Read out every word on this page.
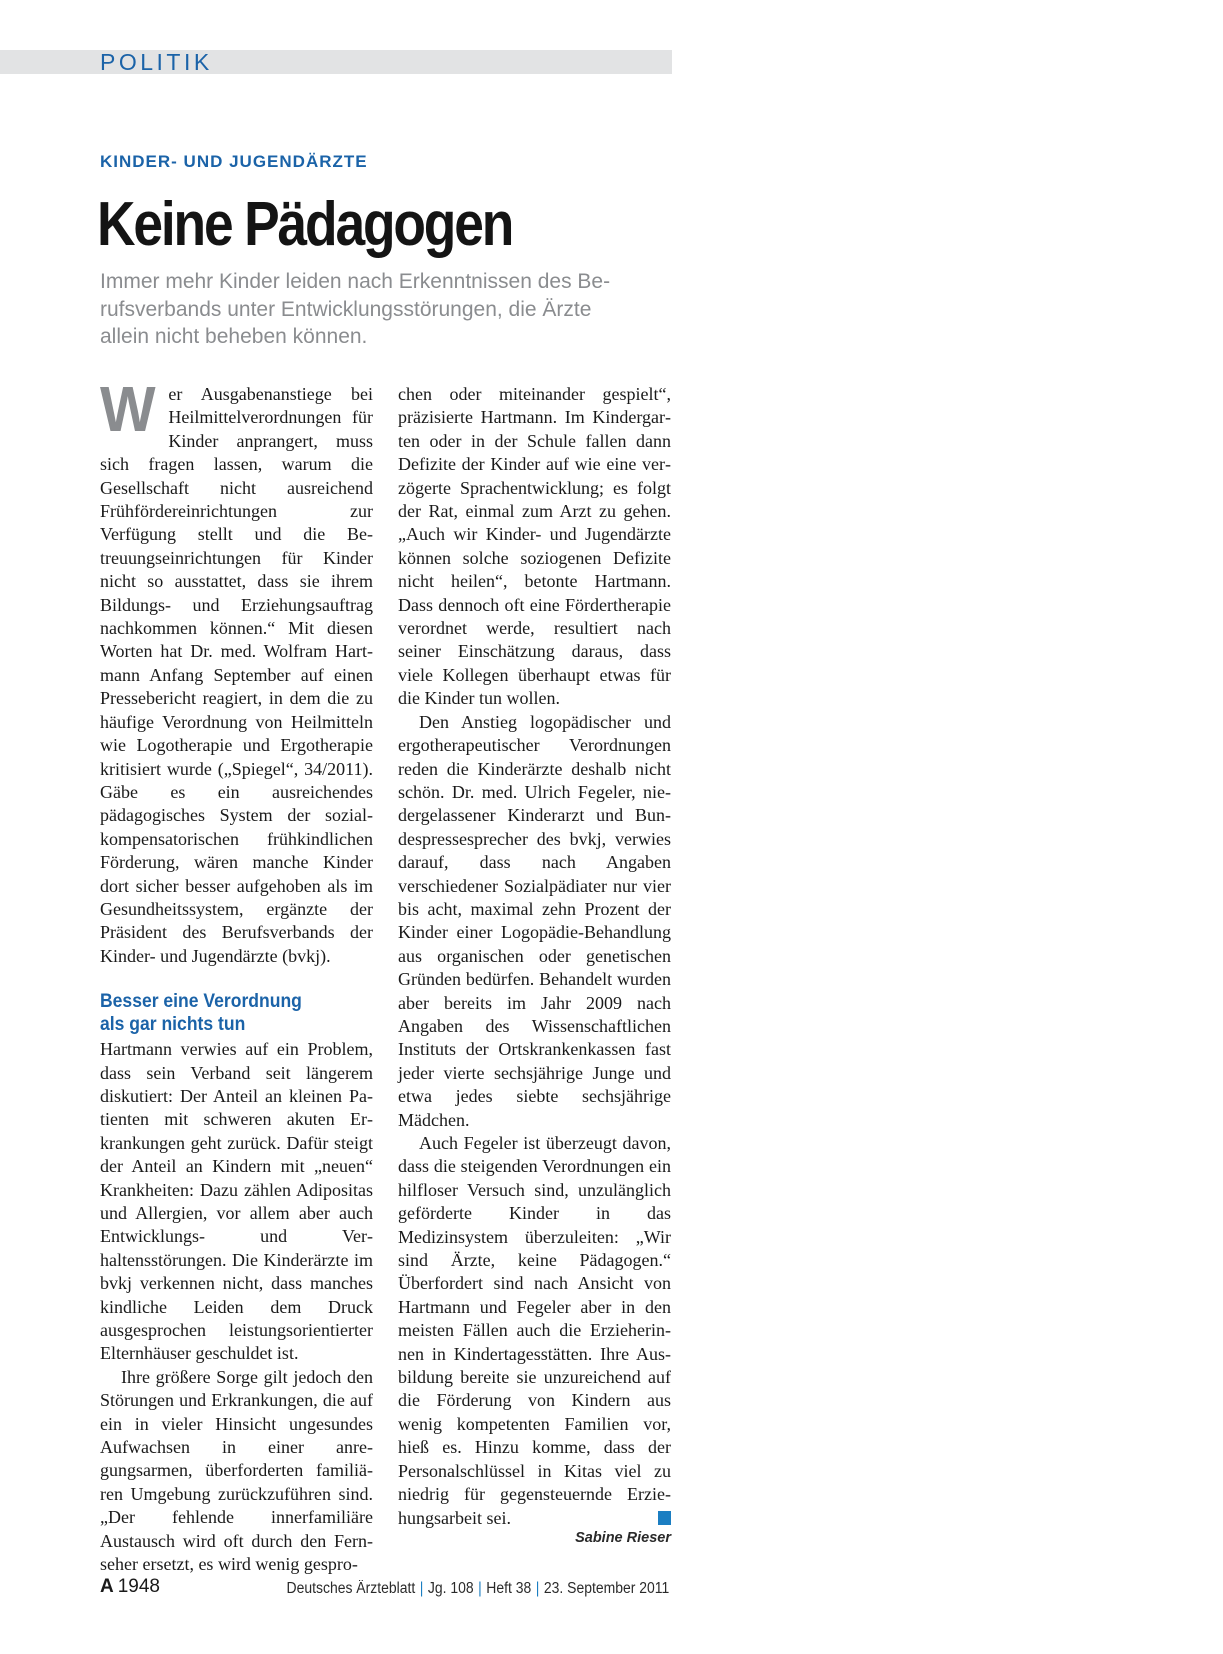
POLITIK
KINDER- UND JUGENDÄRZTE
Keine Pädagogen
Immer mehr Kinder leiden nach Erkenntnissen des Be-
rufsverbands unter Entwicklungsstörungen, die Ärzte
allein nicht beheben können.

Wer Ausgabenanstiege bei Heilmittelverordnungen für Kinder anprangert, muss sich fragen lassen, warum die Gesellschaft nicht ausreichend Frühfördereinrichtungen zur Verfügung stellt und die Betreuungseinrichtungen für Kinder nicht so ausstattet, dass sie ihrem Bildungs- und Erziehungsauftrag nachkommen können.“ Mit diesen Worten hat Dr. med. Wolfram Hartmann Anfang September auf einen Pressebericht reagiert, in dem die zu häufige Verordnung von Heilmitteln wie Logotherapie und Ergotherapie kritisiert wurde („Spiegel“, 34/2011). Gäbe es ein ausreichendes pädagogisches System der sozialkompensatorischen frühkindlichen Förderung, wären manche Kinder dort sicher besser aufgehoben als im Gesundheitssystem, ergänzte der Präsident des Berufsverbands der Kinder- und Jugendärzte (bvkj).

Besser eine Verordnung
als gar nichts tun

Hartmann verwies auf ein Problem, dass sein Verband seit längerem diskutiert: Der Anteil an kleinen Patienten mit schweren akuten Erkrankungen geht zurück. Dafür steigt der Anteil an Kindern mit „neuen“ Krankheiten: Dazu zählen Adipositas und Allergien, vor allem aber auch Entwicklungs- und Verhaltensstörungen. Die Kinderärzte im bvkj verkennen nicht, dass manches kindliche Leiden dem Druck ausgesprochen leistungsorientierter Elternhäuser geschuldet ist.

Ihre größere Sorge gilt jedoch den Störungen und Erkrankungen, die auf ein in vieler Hinsicht ungesundes Aufwachsen in einer anregungsarmen, überforderten familiären Umgebung zurückzuführen sind. „Der fehlende innerfamiliäre Austausch wird oft durch den Fernseher ersetzt, es wird wenig gespro-

chen oder miteinander gespielt“, präzisierte Hartmann. Im Kindergarten oder in der Schule fallen dann Defizite der Kinder auf wie eine verzögerte Sprachentwicklung; es folgt der Rat, einmal zum Arzt zu gehen. „Auch wir Kinder- und Jugendärzte können solche soziogenen Defizite nicht heilen“, betonte Hartmann. Dass dennoch oft eine Fördertherapie verordnet werde, resultiert nach seiner Einschätzung daraus, dass viele Kollegen überhaupt etwas für die Kinder tun wollen.

Den Anstieg logopädischer und ergotherapeutischer Verordnungen reden die Kinderärzte deshalb nicht schön. Dr. med. Ulrich Fegeler, niedergelassener Kinderarzt und Bundespressesprecher des bvkj, verwies darauf, dass nach Angaben verschiedener Sozialpädiater nur vier bis acht, maximal zehn Prozent der Kinder einer Logopädie-Behandlung aus organischen oder genetischen Gründen bedürfen. Behandelt wurden aber bereits im Jahr 2009 nach Angaben des Wissenschaftlichen Instituts der Ortskrankenkassen fast jeder vierte sechsjährige Junge und etwa jedes siebte sechsjährige Mädchen.

Auch Fegeler ist überzeugt davon, dass die steigenden Verordnungen ein hilfloser Versuch sind, unzulänglich geförderte Kinder in das Medizinsystem überzuleiten: „Wir sind Ärzte, keine Pädagogen.“ Überfordert sind nach Ansicht von Hartmann und Fegeler aber in den meisten Fällen auch die Erzieherinnen in Kindertagesstätten. Ihre Ausbildung bereite sie unzureichend auf die Förderung von Kindern aus wenig kompetenten Familien vor, hieß es. Hinzu komme, dass der Personalschlüssel in Kitas viel zu niedrig für gegensteuernde Erziehungsarbeit sei.

Sabine Rieser
A 1948	Deutsches Ärzteblatt | Jg. 108 | Heft 38 | 23. September 2011
